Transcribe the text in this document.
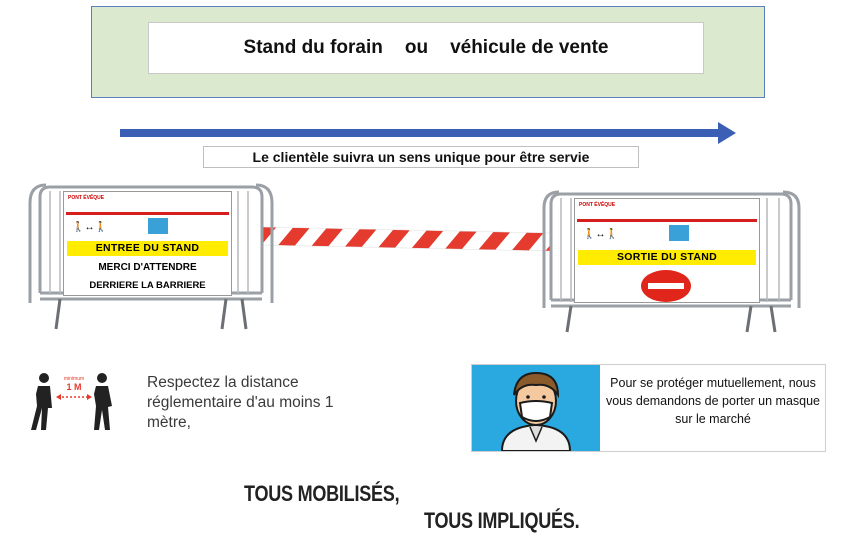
Stand du forain ou véhicule de vente
Le clientèle suivra un sens unique pour être servie
PONT ÉVÊQUE
🚶↔🚶
ENTREE DU STAND
MERCI D'ATTENDRE
DERRIERE LA BARRIERE
PONT ÉVÊQUE
🚶↔🚶
SORTIE DU STAND
minimum
1 M	Respectez la distance réglementaire d'au moins 1 mètre,
Pour se protéger mutuellement, nous vous demandons de porter un masque sur le marché
TOUS MOBILISÉS,
TOUS IMPLIQUÉS.
